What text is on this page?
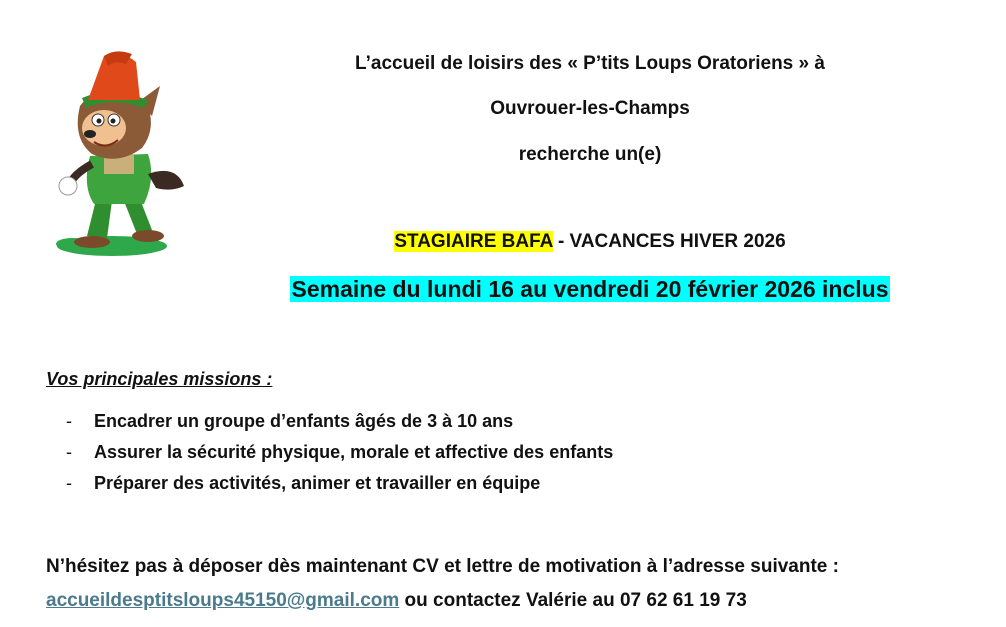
L’accueil de loisirs des « P’tits Loups Oratoriens » à
Ouvrouer-les-Champs
recherche un(e)
STAGIAIRE BAFA - VACANCES HIVER 2026
Semaine du lundi 16 au vendredi 20 février 2026 inclus
Vos principales missions :
- Encadrer un groupe d’enfants âgés de 3 à 10 ans
- Assurer la sécurité physique, morale et affective des enfants
- Préparer des activités, animer et travailler en équipe
N’hésitez pas à déposer dès maintenant CV et lettre de motivation à l’adresse suivante :
accueildesptitsloups45150@gmail.com ou contactez Valérie au 07 62 61 19 73
